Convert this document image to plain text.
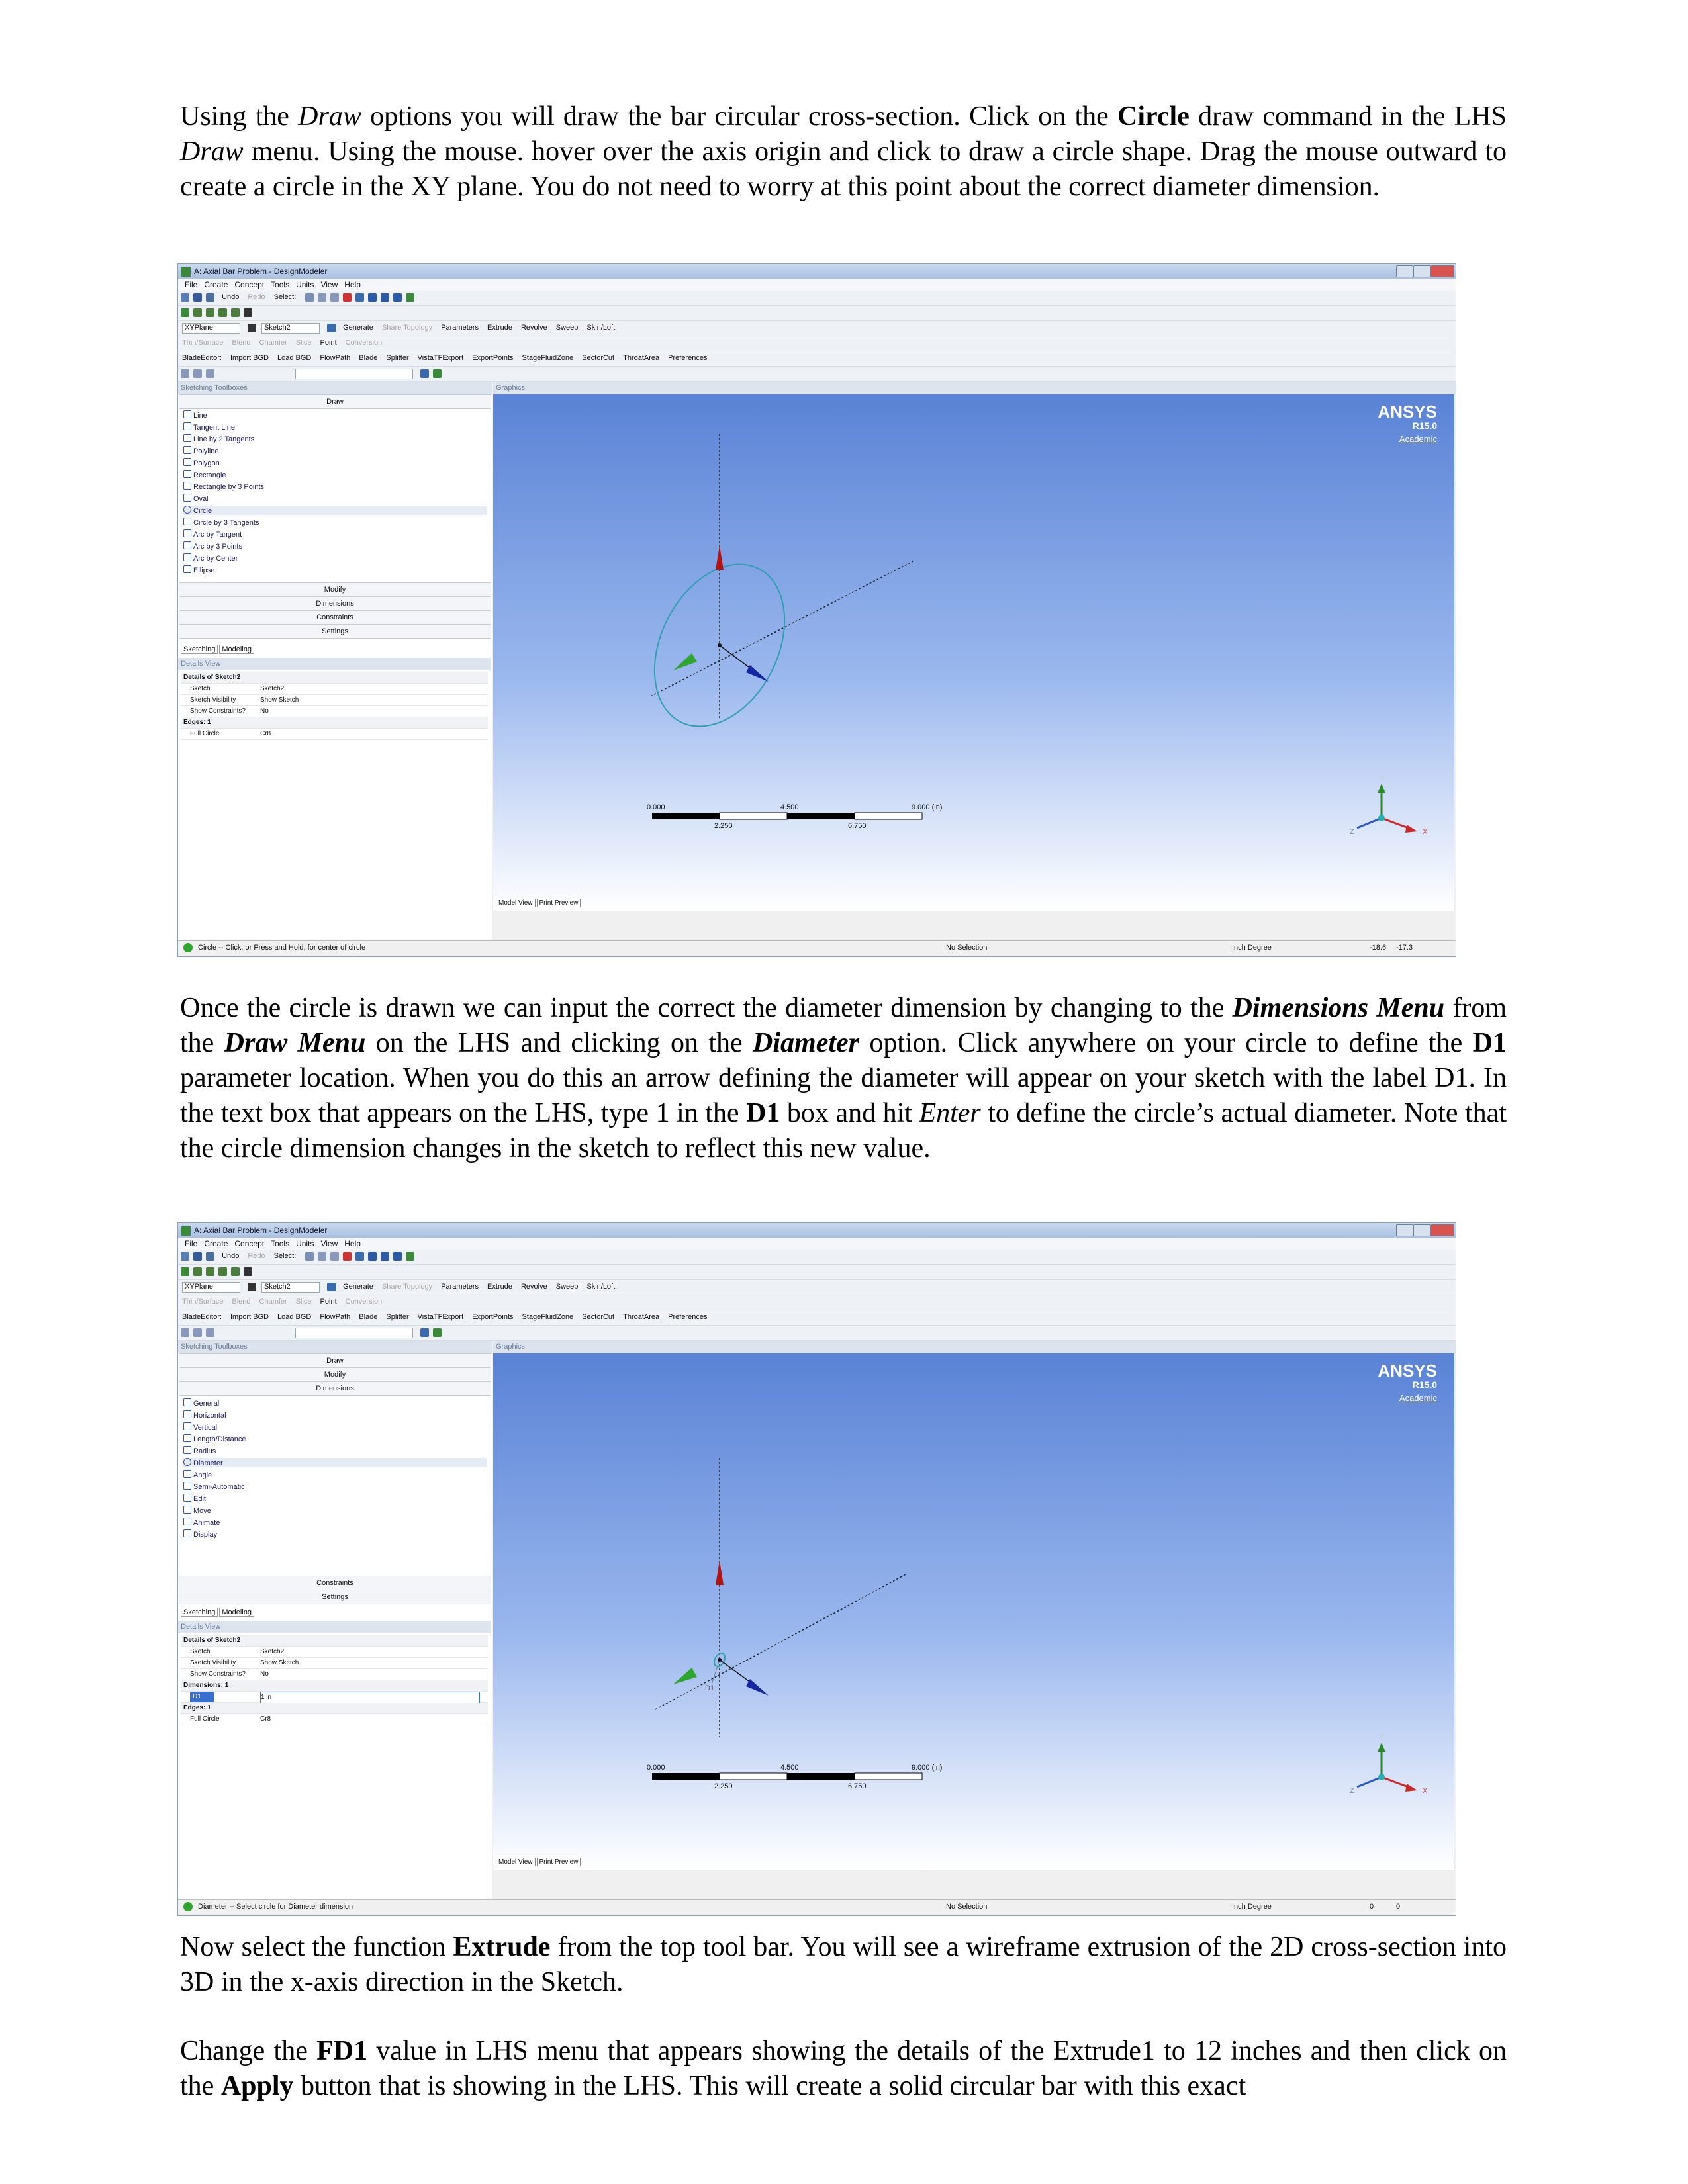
Using the Draw options you will draw the bar circular cross-section. Click on the Circle draw command in the LHS Draw menu. Using the mouse. hover over the axis origin and click to draw a circle shape. Drag the mouse outward to create a circle in the XY plane. You do not need to worry at this point about the correct diameter dimension.

A: Axial Bar Problem - DesignModeler
File Create Concept Tools Units View Help
Undo Redo Select:
XYPlane	Sketch2	Generate Share Topology Parameters Extrude Revolve Sweep Skin/Loft
Thin/Surface Blend Chamfer Slice Point Conversion
BladeEditor: Import BGD Load BGD FlowPath Blade Splitter VistaTFExport ExportPoints StageFluidZone SectorCut ThroatArea Preferences
Sketching Toolboxes	Graphics
Draw
Line
Tangent Line
Line by 2 Tangents
Polyline
Polygon
Rectangle
Rectangle by 3 Points
Oval
Circle
Circle by 3 Tangents
Arc by Tangent
Arc by 3 Points
Arc by Center
Ellipse
Modify
Dimensions
Constraints
Settings
Sketching Modeling
Details View
Details of Sketch2
Sketch	Sketch2
Sketch Visibility	Show Sketch
Show Constraints? No
Edges: 1
Full Circle	Cr8
ANSYS
R15.0
Academic
Y
Z	X
0.000	4.500	9.000 (in)
2.250	6.750
Model View Print Preview
Circle -- Click, or Press and Hold, for center of circle	No Selection	Inch Degree	-18.6 -17.3

Once the circle is drawn we can input the correct the diameter dimension by changing to the Dimensions Menu from the Draw Menu on the LHS and clicking on the Diameter option. Click anywhere on your circle to define the D1 parameter location. When you do this an arrow defining the diameter will appear on your sketch with the label D1. In the text box that appears on the LHS, type 1 in the D1 box and hit Enter to define the circle’s actual diameter. Note that the circle dimension changes in the sketch to reflect this new value.

A: Axial Bar Problem - DesignModeler
File Create Concept Tools Units View Help
Undo Redo Select:
XYPlane	Sketch2	Generate Share Topology Parameters Extrude Revolve Sweep Skin/Loft
Thin/Surface Blend Chamfer Slice Point Conversion
BladeEditor: Import BGD Load BGD FlowPath Blade Splitter VistaTFExport ExportPoints StageFluidZone SectorCut ThroatArea Preferences
Sketching Toolboxes	Graphics
Draw
Modify
Dimensions
General
Horizontal
Vertical
Length/Distance
Radius
Diameter
Angle
Semi-Automatic
Edit
Move
Animate
Display
Constraints
Settings
Sketching Modeling
Details View
Details of Sketch2
Sketch	Sketch2
Sketch Visibility	Show Sketch
Show Constraints? No
Dimensions: 1
D1	1 in
Edges: 1
Full Circle	Cr8
ANSYS
R15.0
Academic
Y
Z	X
D1
0.000	4.500	9.000 (in)
2.250	6.750
Model View Print Preview
Diameter -- Select circle for Diameter dimension	No Selection	Inch Degree	0	0

Now select the function Extrude from the top tool bar. You will see a wireframe extrusion of the 2D cross-section into 3D in the x-axis direction in the Sketch.

Change the FD1 value in LHS menu that appears showing the details of the Extrude1 to 12 inches and then click on the Apply button that is showing in the LHS. This will create a solid circular bar with this exact
